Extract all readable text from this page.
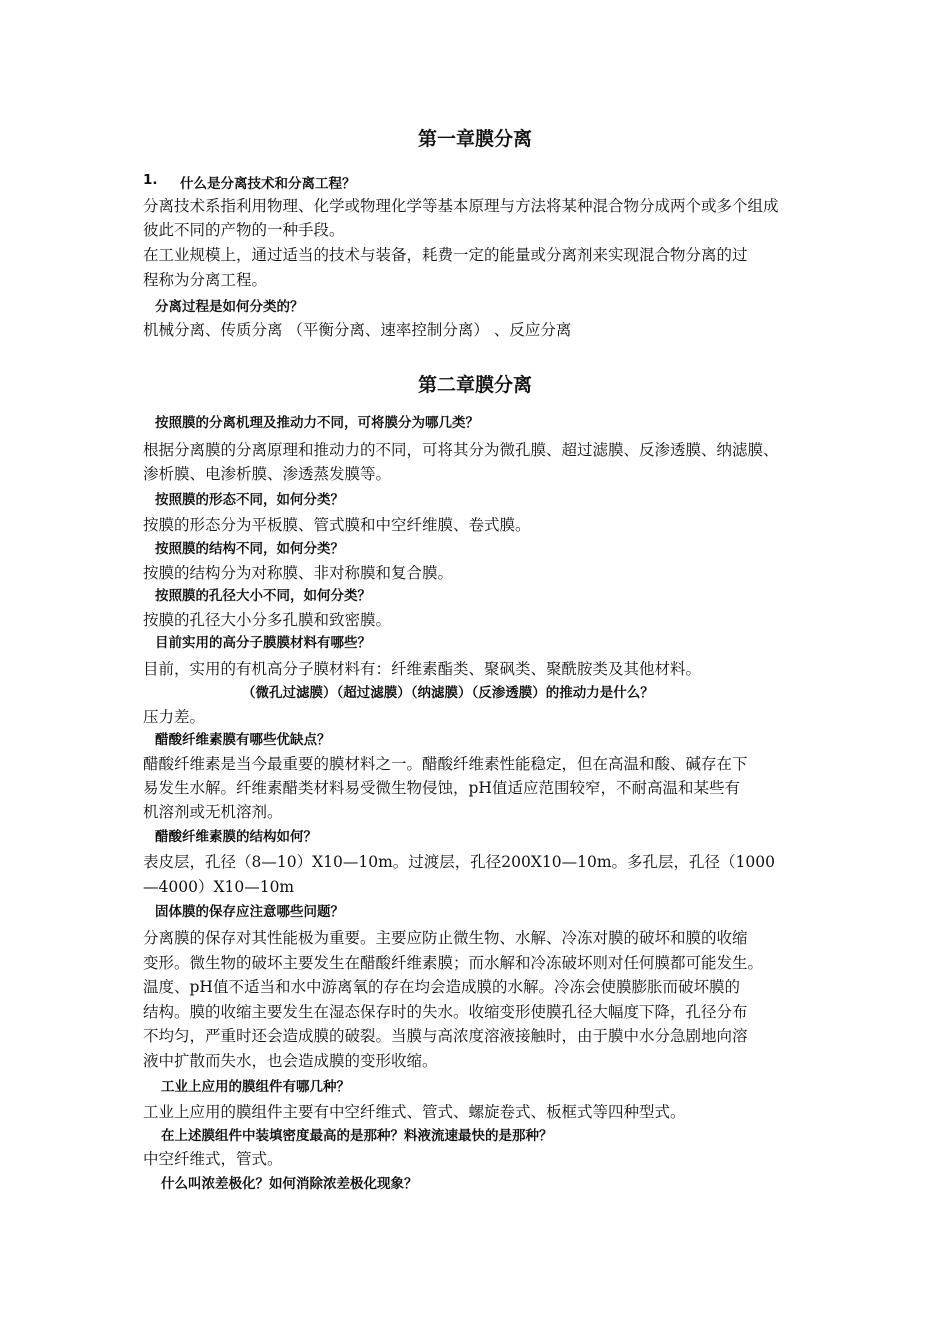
第一章膜分离
1. 什么是分离技术和分离工程？
分离技术系指利用物理、化学或物理化学等基本原理与方法将某种混合物分成两个或多个组成
彼此不同的产物的一种手段。
在工业规模上，通过适当的技术与装备，耗费一定的能量或分离剂来实现混合物分离的过
程称为分离工程。
分离过程是如何分类的？
机械分离、传质分离 （平衡分离、速率控制分离） 、反应分离
第二章膜分离
按照膜的分离机理及推动力不同，可将膜分为哪几类？
根据分离膜的分离原理和推动力的不同，可将其分为微孔膜、超过滤膜、反渗透膜、纳滤膜、
渗析膜、电渗析膜、渗透蒸发膜等。
按照膜的形态不同，如何分类？
按膜的形态分为平板膜、管式膜和中空纤维膜、卷式膜。
按照膜的结构不同，如何分类？
按膜的结构分为对称膜、非对称膜和复合膜。
按照膜的孔径大小不同，如何分类？
按膜的孔径大小分多孔膜和致密膜。
目前实用的高分子膜膜材料有哪些？
目前，实用的有机高分子膜材料有：纤维素酯类、聚砜类、聚酰胺类及其他材料。
（微孔过滤膜）（超过滤膜）（纳滤膜）（反渗透膜）的推动力是什么？
压力差。
醋酸纤维素膜有哪些优缺点？
醋酸纤维素是当今最重要的膜材料之一。醋酸纤维素性能稳定，但在高温和酸、碱存在下
易发生水解。纤维素醋类材料易受微生物侵蚀，pH值适应范围较窄，不耐高温和某些有
机溶剂或无机溶剂。
醋酸纤维素膜的结构如何？
表皮层，孔径（8—10）X10—10m。过渡层，孔径200X10—10m。多孔层，孔径（1000
—4000）X10—10m
固体膜的保存应注意哪些问题？
分离膜的保存对其性能极为重要。主要应防止微生物、水解、冷冻对膜的破坏和膜的收缩
变形。微生物的破坏主要发生在醋酸纤维素膜；而水解和冷冻破坏则对任何膜都可能发生。
温度、pH值不适当和水中游离氧的存在均会造成膜的水解。冷冻会使膜膨胀而破坏膜的
结构。膜的收缩主要发生在湿态保存时的失水。收缩变形使膜孔径大幅度下降，孔径分布
不均匀，严重时还会造成膜的破裂。当膜与高浓度溶液接触时，由于膜中水分急剧地向溶
液中扩散而失水，也会造成膜的变形收缩。
工业上应用的膜组件有哪几种？
工业上应用的膜组件主要有中空纤维式、管式、螺旋卷式、板框式等四种型式。
在上述膜组件中装填密度最高的是那种？料液流速最快的是那种？
中空纤维式，管式。
什么叫浓差极化？如何消除浓差极化现象？
